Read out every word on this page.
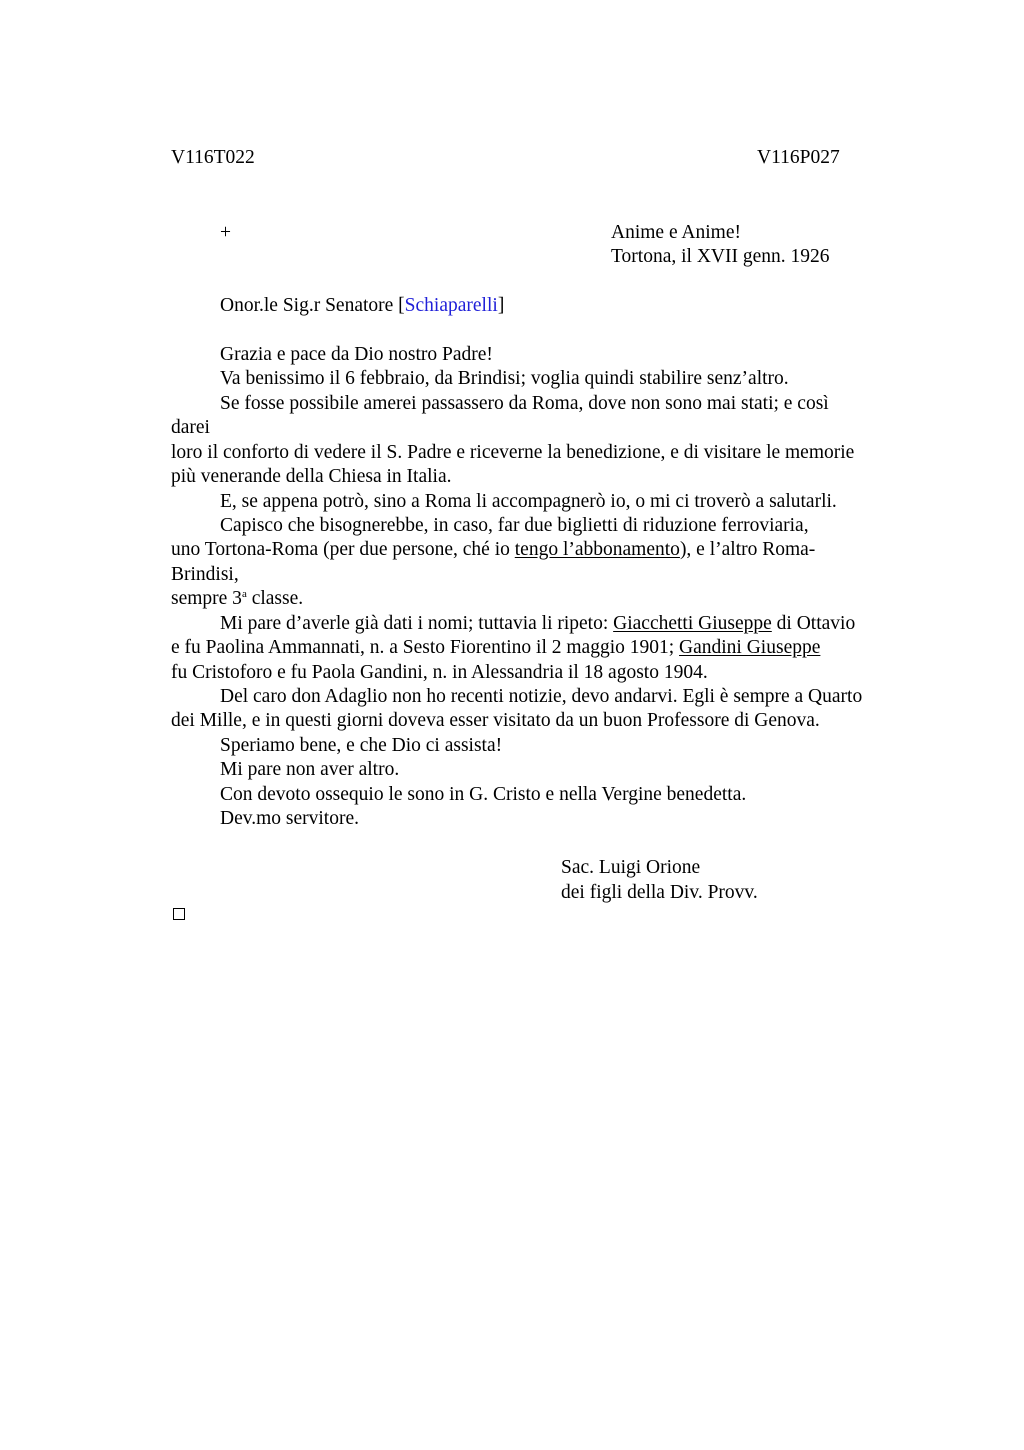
V116T022	V116P027
+	Anime e Anime!
Tortona, il XVII genn. 1926
Onor.le Sig.r Senatore [Schiaparelli]
Grazia e pace da Dio nostro Padre!
Va benissimo il 6 febbraio, da Brindisi; voglia quindi stabilire senz’altro.
Se fosse possibile amerei passassero da Roma, dove non sono mai stati; e così
darei
loro il conforto di vedere il S. Padre e riceverne la benedizione, e di visitare le memorie
più venerande della Chiesa in Italia.
E, se appena potrò, sino a Roma li accompagnerò io, o mi ci troverò a salutarli.
Capisco che bisognerebbe, in caso, far due biglietti di riduzione ferroviaria,
uno Tortona-Roma (per due persone, ché io tengo l’abbonamento), e l’altro Roma-
Brindisi,
sempre 3$^a$ classe.
Mi pare d’averle già dati i nomi; tuttavia li ripeto: Giacchetti Giuseppe di Ottavio
e fu Paolina Ammannati, n. a Sesto Fiorentino il 2 maggio 1901; Gandini Giuseppe
fu Cristoforo e fu Paola Gandini, n. in Alessandria il 18 agosto 1904.
Del caro don Adaglio non ho recenti notizie, devo andarvi. Egli è sempre a Quarto
dei Mille, e in questi giorni doveva esser visitato da un buon Professore di Genova.
Speriamo bene, e che Dio ci assista!
Mi pare non aver altro.
Con devoto ossequio le sono in G. Cristo e nella Vergine benedetta.
Dev.mo servitore.
Sac. Luigi Orione
dei figli della Div. Provv.
